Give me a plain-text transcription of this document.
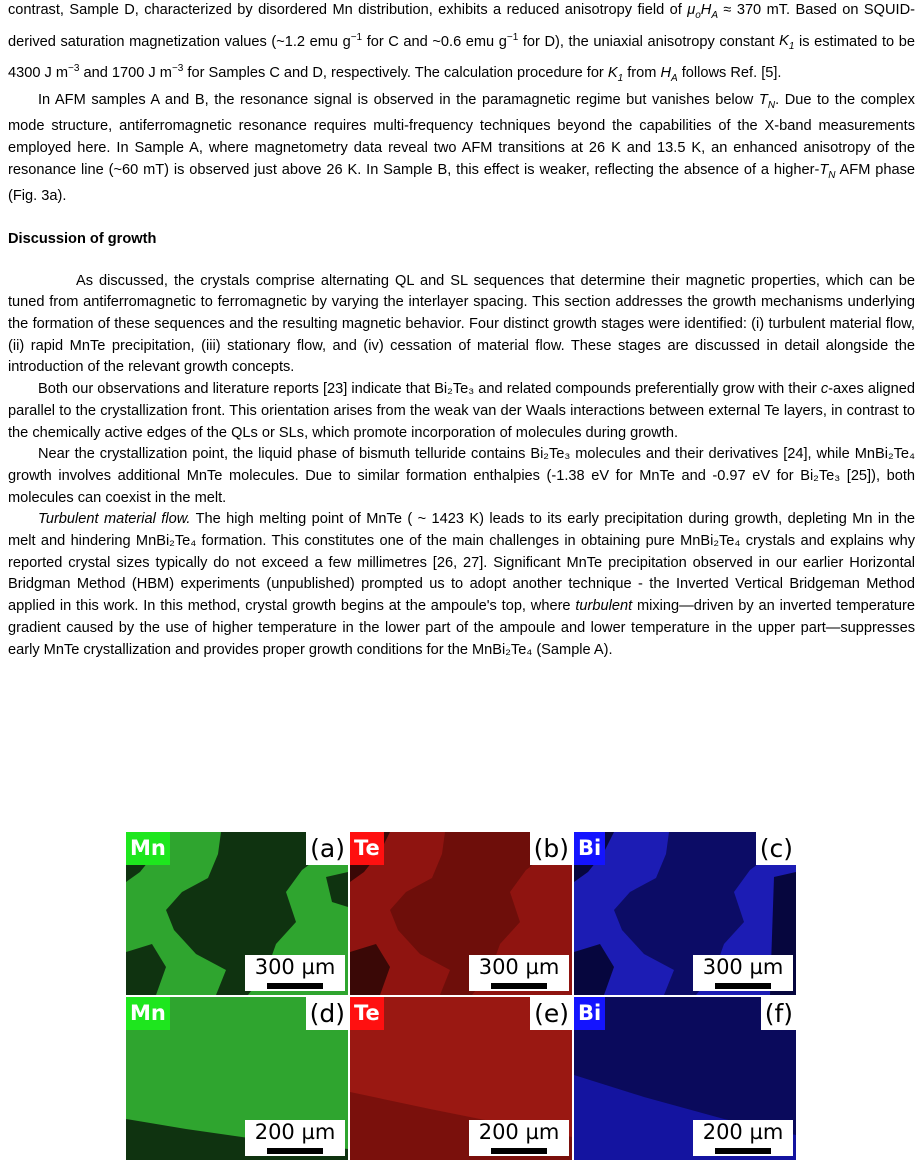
contrast, Sample D, characterized by disordered Mn distribution, exhibits a reduced anisotropy field of $\mu_oH_A \approx 370$ mT. Based on SQUID-derived saturation magnetization values (~1.2 emu $g^{-1}$ for C and ~0.6 emu $g^{-1}$ for D), the uniaxial anisotropy constant $K_1$ is estimated to be 4300 J $m^{-3}$ and 1700 J $m^{-3}$ for Samples C and D, respectively. The calculation procedure for $K_1$ from $H_A$ follows Ref. [5].

In AFM samples A and B, the resonance signal is observed in the paramagnetic regime but vanishes below $T_N$. Due to the complex mode structure, antiferromagnetic resonance requires multi-frequency techniques beyond the capabilities of the X-band measurements employed here. In Sample A, where magnetometry data reveal two AFM transitions at 26 K and 13.5 K, an enhanced anisotropy of the resonance line (~60 mT) is observed just above 26 K. In Sample B, this effect is weaker, reflecting the absence of a higher-$T_N$ AFM phase (Fig. 3a).

Discussion of growth

As discussed, the crystals comprise alternating QL and SL sequences that determine their magnetic properties, which can be tuned from antiferromagnetic to ferromagnetic by varying the interlayer spacing. This section addresses the growth mechanisms underlying the formation of these sequences and the resulting magnetic behavior. Four distinct growth stages were identified: (i) turbulent material flow, (ii) rapid MnTe precipitation, (iii) stationary flow, and (iv) cessation of material flow. These stages are discussed in detail alongside the introduction of the relevant growth concepts.

Both our observations and literature reports [23] indicate that Bi₂Te₃ and related compounds preferentially grow with their c-axes aligned parallel to the crystallization front. This orientation arises from the weak van der Waals interactions between external Te layers, in contrast to the chemically active edges of the QLs or SLs, which promote incorporation of molecules during growth.

Near the crystallization point, the liquid phase of bismuth telluride contains Bi₂Te₃ molecules and their derivatives [24], while MnBi₂Te₄ growth involves additional MnTe molecules. Due to similar formation enthalpies (-1.38 eV for MnTe and -0.97 eV for Bi₂Te₃ [25]), both molecules can coexist in the melt.

Turbulent material flow. The high melting point of MnTe ( ~ 1423 K) leads to its early precipitation during growth, depleting Mn in the melt and hindering MnBi₂Te₄ formation. This constitutes one of the main challenges in obtaining pure MnBi₂Te₄ crystals and explains why reported crystal sizes typically do not exceed a few millimetres [26, 27]. Significant MnTe precipitation observed in our earlier Horizontal Bridgman Method (HBM) experiments (unpublished) prompted us to adopt another technique - the Inverted Vertical Bridgeman Method applied in this work. In this method, crystal growth begins at the ampoule's top, where turbulent mixing—driven by an inverted temperature gradient caused by the use of higher temperature in the lower part of the ampoule and lower temperature in the upper part—suppresses early MnTe crystallization and provides proper growth conditions for the MnBi₂Te₄ (Sample A).

Mn	(a)
300 µm
Te	(b)
300 µm
Bi	(c)
300 µm
Mn	(d)
200 µm
Te	(e)
200 µm
Bi	(f)
200 µm
